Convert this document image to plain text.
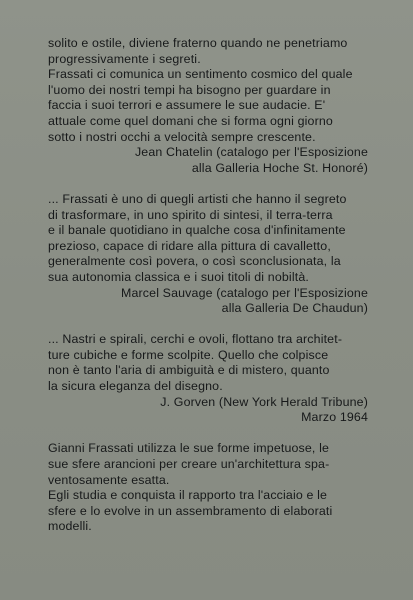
solito e ostile, diviene fraterno quando ne penetriamo
progressivamente i segreti.
Frassati ci comunica un sentimento cosmico del quale
l'uomo dei nostri tempi ha bisogno per guardare in
faccia i suoi terrori e assumere le sue audacie. E'
attuale come quel domani che si forma ogni giorno
sotto i nostri occhi a velocità sempre crescente.
Jean Chatelin (catalogo per l'Esposizione
alla Galleria Hoche St. Honoré)
... Frassati è uno di quegli artisti che hanno il segreto
di trasformare, in uno spirito di sintesi, il terra-terra
e il banale quotidiano in qualche cosa d'infinitamente
prezioso, capace di ridare alla pittura di cavalletto,
generalmente così povera, o così sconclusionata, la
sua autonomia classica e i suoi titoli di nobiltà.
Marcel Sauvage (catalogo per l'Esposizione
alla Galleria De Chaudun)
... Nastri e spirali, cerchi e ovoli, flottano tra architet-
ture cubiche e forme scolpite. Quello che colpisce
non è tanto l'aria di ambiguità e di mistero, quanto
la sicura eleganza del disegno.
J. Gorven (New York Herald Tribune)
Marzo 1964
Gianni Frassati utilizza le sue forme impetuose, le
sue sfere arancioni per creare un'architettura spa-
ventosamente esatta.
Egli studia e conquista il rapporto tra l'acciaio e le
sfere e lo evolve in un assembramento di elaborati
modelli.
